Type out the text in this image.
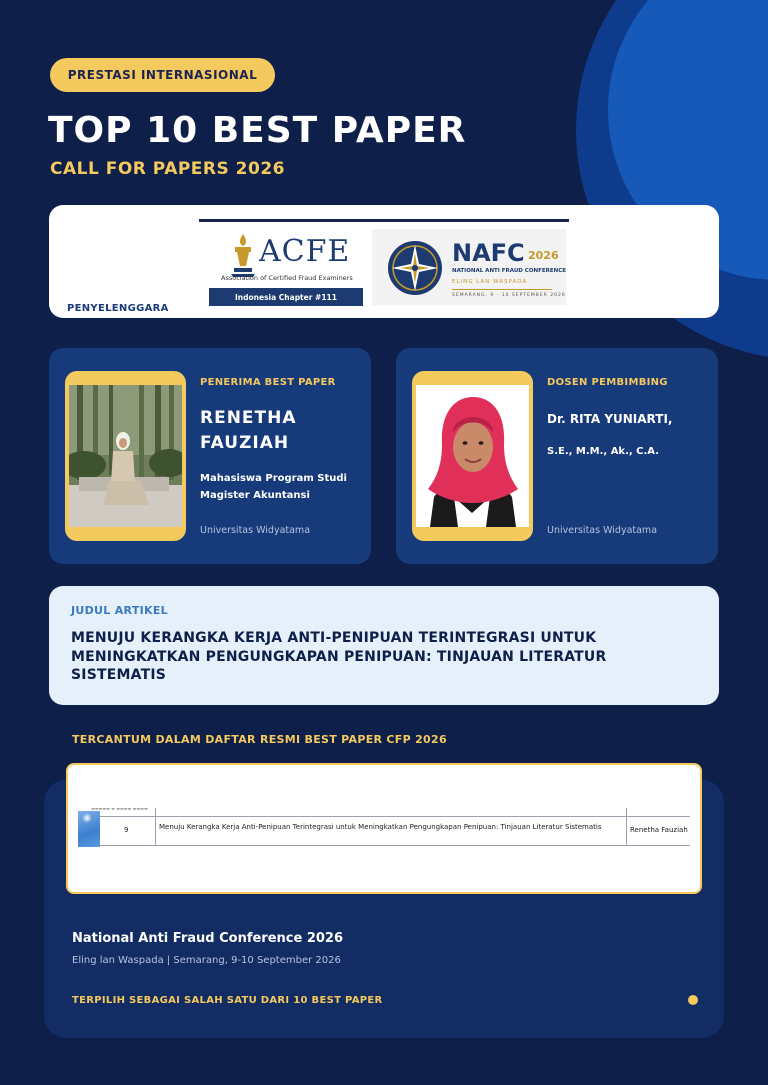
PRESTASI INTERNASIONAL
TOP 10 BEST PAPER
CALL FOR PAPERS 2026
ACFE
Association of Certified Fraud Examiners
Indonesia Chapter #111
NAFC 2026
NATIONAL ANTI FRAUD CONFERENCE
ELING LAN WASPADA
SEMARANG, 9 - 10 SEPTEMBER 2026
PENYELENGGARA
PENERIMA BEST PAPER
RENETHA FAUZIAH
Mahasiswa Program Studi Magister Akuntansi
Universitas Widyatama
DOSEN PEMBIMBING
Dr. RITA YUNIARTI,
S.E., M.M., Ak., C.A.
Universitas Widyatama
JUDUL ARTIKEL
MENUJU KERANGKA KERJA ANTI-PENIPUAN TERINTEGRASI UNTUK MENINGKATKAN PENGUNGKAPAN PENIPUAN: TINJAUAN LITERATUR SISTEMATIS
TERCANTUM DALAM DAFTAR RESMI BEST PAPER CFP 2026
▬▬▬▬▬ ▬ ▬▬▬▬ ▬▬▬▬
9	Menuju Kerangka Kerja Anti-Penipuan Terintegrasi untuk Meningkatkan Pengungkapan Penipuan: Tinjauan Literatur Sistematis	Renetha Fauziah
National Anti Fraud Conference 2026
Eling lan Waspada | Semarang, 9-10 September 2026
TERPILIH SEBAGAI SALAH SATU DARI 10 BEST PAPER
